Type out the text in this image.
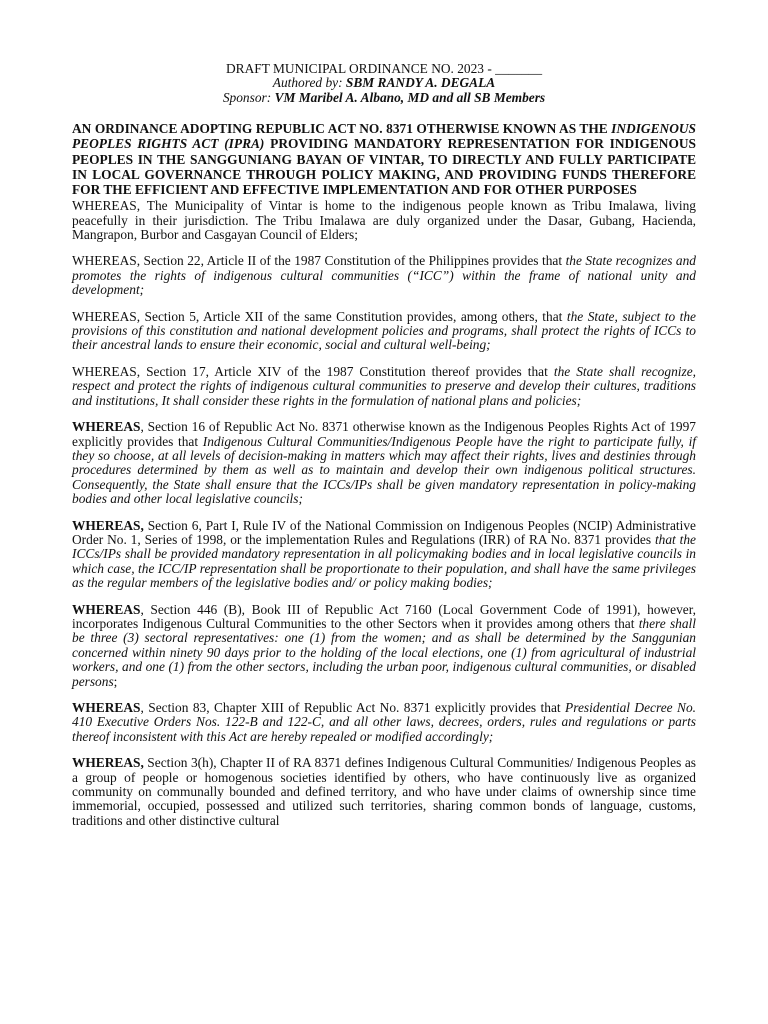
DRAFT MUNICIPAL ORDINANCE NO. 2023 - _______
Authored by: SBM RANDY A. DEGALA
Sponsor: VM Maribel A. Albano, MD and all SB Members
AN ORDINANCE ADOPTING REPUBLIC ACT NO. 8371 OTHERWISE KNOWN AS THE INDIGENOUS PEOPLES RIGHTS ACT (IPRA) PROVIDING MANDATORY REPRESENTATION FOR INDIGENOUS PEOPLES IN THE SANGGUNIANG BAYAN OF VINTAR, TO DIRECTLY AND FULLY PARTICIPATE IN LOCAL GOVERNANCE THROUGH POLICY MAKING, AND PROVIDING FUNDS THEREFORE FOR THE EFFICIENT AND EFFECTIVE IMPLEMENTATION AND FOR OTHER PURPOSES

WHEREAS, The Municipality of Vintar is home to the indigenous people known as Tribu Imalawa, living peacefully in their jurisdiction. The Tribu Imalawa are duly organized under the Dasar, Gubang, Hacienda, Mangrapon, Burbor and Casgayan Council of Elders;

WHEREAS, Section 22, Article II of the 1987 Constitution of the Philippines provides that the State recognizes and promotes the rights of indigenous cultural communities (“ICC”) within the frame of national unity and development;

WHEREAS, Section 5, Article XII of the same Constitution provides, among others, that the State, subject to the provisions of this constitution and national development policies and programs, shall protect the rights of ICCs to their ancestral lands to ensure their economic, social and cultural well-being;

WHEREAS, Section 17, Article XIV of the 1987 Constitution thereof provides that the State shall recognize, respect and protect the rights of indigenous cultural communities to preserve and develop their cultures, traditions and institutions, It shall consider these rights in the formulation of national plans and policies;

WHEREAS, Section 16 of Republic Act No. 8371 otherwise known as the Indigenous Peoples Rights Act of 1997 explicitly provides that Indigenous Cultural Communities/Indigenous People have the right to participate fully, if they so choose, at all levels of decision-making in matters which may affect their rights, lives and destinies through procedures determined by them as well as to maintain and develop their own indigenous political structures. Consequently, the State shall ensure that the ICCs/IPs shall be given mandatory representation in policy-making bodies and other local legislative councils;

WHEREAS, Section 6, Part I, Rule IV of the National Commission on Indigenous Peoples (NCIP) Administrative Order No. 1, Series of 1998, or the implementation Rules and Regulations (IRR) of RA No. 8371 provides that the ICCs/IPs shall be provided mandatory representation in all policymaking bodies and in local legislative councils in which case, the ICC/IP representation shall be proportionate to their population, and shall have the same privileges as the regular members of the legislative bodies and/ or policy making bodies;

WHEREAS, Section 446 (B), Book III of Republic Act 7160 (Local Government Code of 1991), however, incorporates Indigenous Cultural Communities to the other Sectors when it provides among others that there shall be three (3) sectoral representatives: one (1) from the women; and as shall be determined by the Sanggunian concerned within ninety 90 days prior to the holding of the local elections, one (1) from agricultural of industrial workers, and one (1) from the other sectors, including the urban poor, indigenous cultural communities, or disabled persons;

WHEREAS, Section 83, Chapter XIII of Republic Act No. 8371 explicitly provides that Presidential Decree No. 410 Executive Orders Nos. 122-B and 122-C, and all other laws, decrees, orders, rules and regulations or parts thereof inconsistent with this Act are hereby repealed or modified accordingly;

WHEREAS, Section 3(h), Chapter II of RA 8371 defines Indigenous Cultural Communities/ Indigenous Peoples as a group of people or homogenous societies identified by others, who have continuously live as organized community on communally bounded and defined territory, and who have under claims of ownership since time immemorial, occupied, possessed and utilized such territories, sharing common bonds of language, customs, traditions and other distinctive cultural
